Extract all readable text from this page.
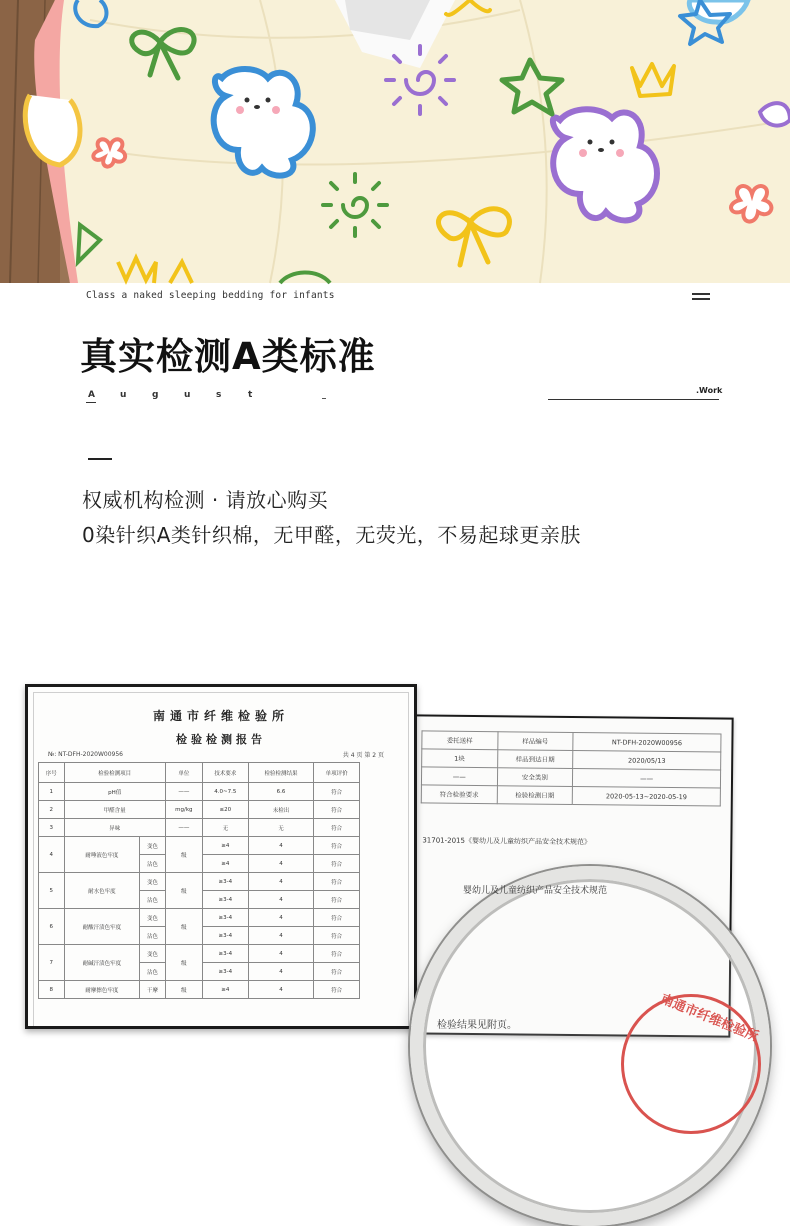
Class a naked sleeping bedding for infants
真实检测A类标准
A	u	g	u	s	t	.Work

权威机构检测 · 请放心购买

0染针织A类针织棉，无甲醛，无荧光，不易起球更亲肤

委托送样	样品编号	NT-DFH-2020W00956
1块	样品到达日期	2020/05/13
——	安全类别	——
符合检验要求	检验检测日期	2020-05-13~2020-05-19
31701-2015《婴幼儿及儿童纺织产品安全技术规范》
南通市纤维检验所
检验检测报告
№: NT-DFH-2020W00956	共 4 页 第 2 页
序号	检验检测项目		单位	技术要求	检验检测结果	单项评价
1	pH值		——	4.0~7.5	6.6	符合
2	甲醛含量		mg/kg	≤20	未检出	符合
3	异味		——	无	无	符合
4	耐唾液色牢度	变色	级	≥4	4	符合
		沾色		≥4	4	符合
5	耐水色牢度	变色	级	≥3-4	4	符合
		沾色		≥3-4	4	符合
6	耐酸汗渍色牢度	变色	级	≥3-4	4	符合
		沾色		≥3-4	4	符合
7	耐碱汗渍色牢度	变色	级	≥3-4	4	符合
		沾色		≥3-4	4	符合
8	耐摩擦色牢度	干摩	级	≥4	4	符合
婴幼儿及儿童纺织产品安全技术规范
检验结果见附页。	南通市纤维检验所
